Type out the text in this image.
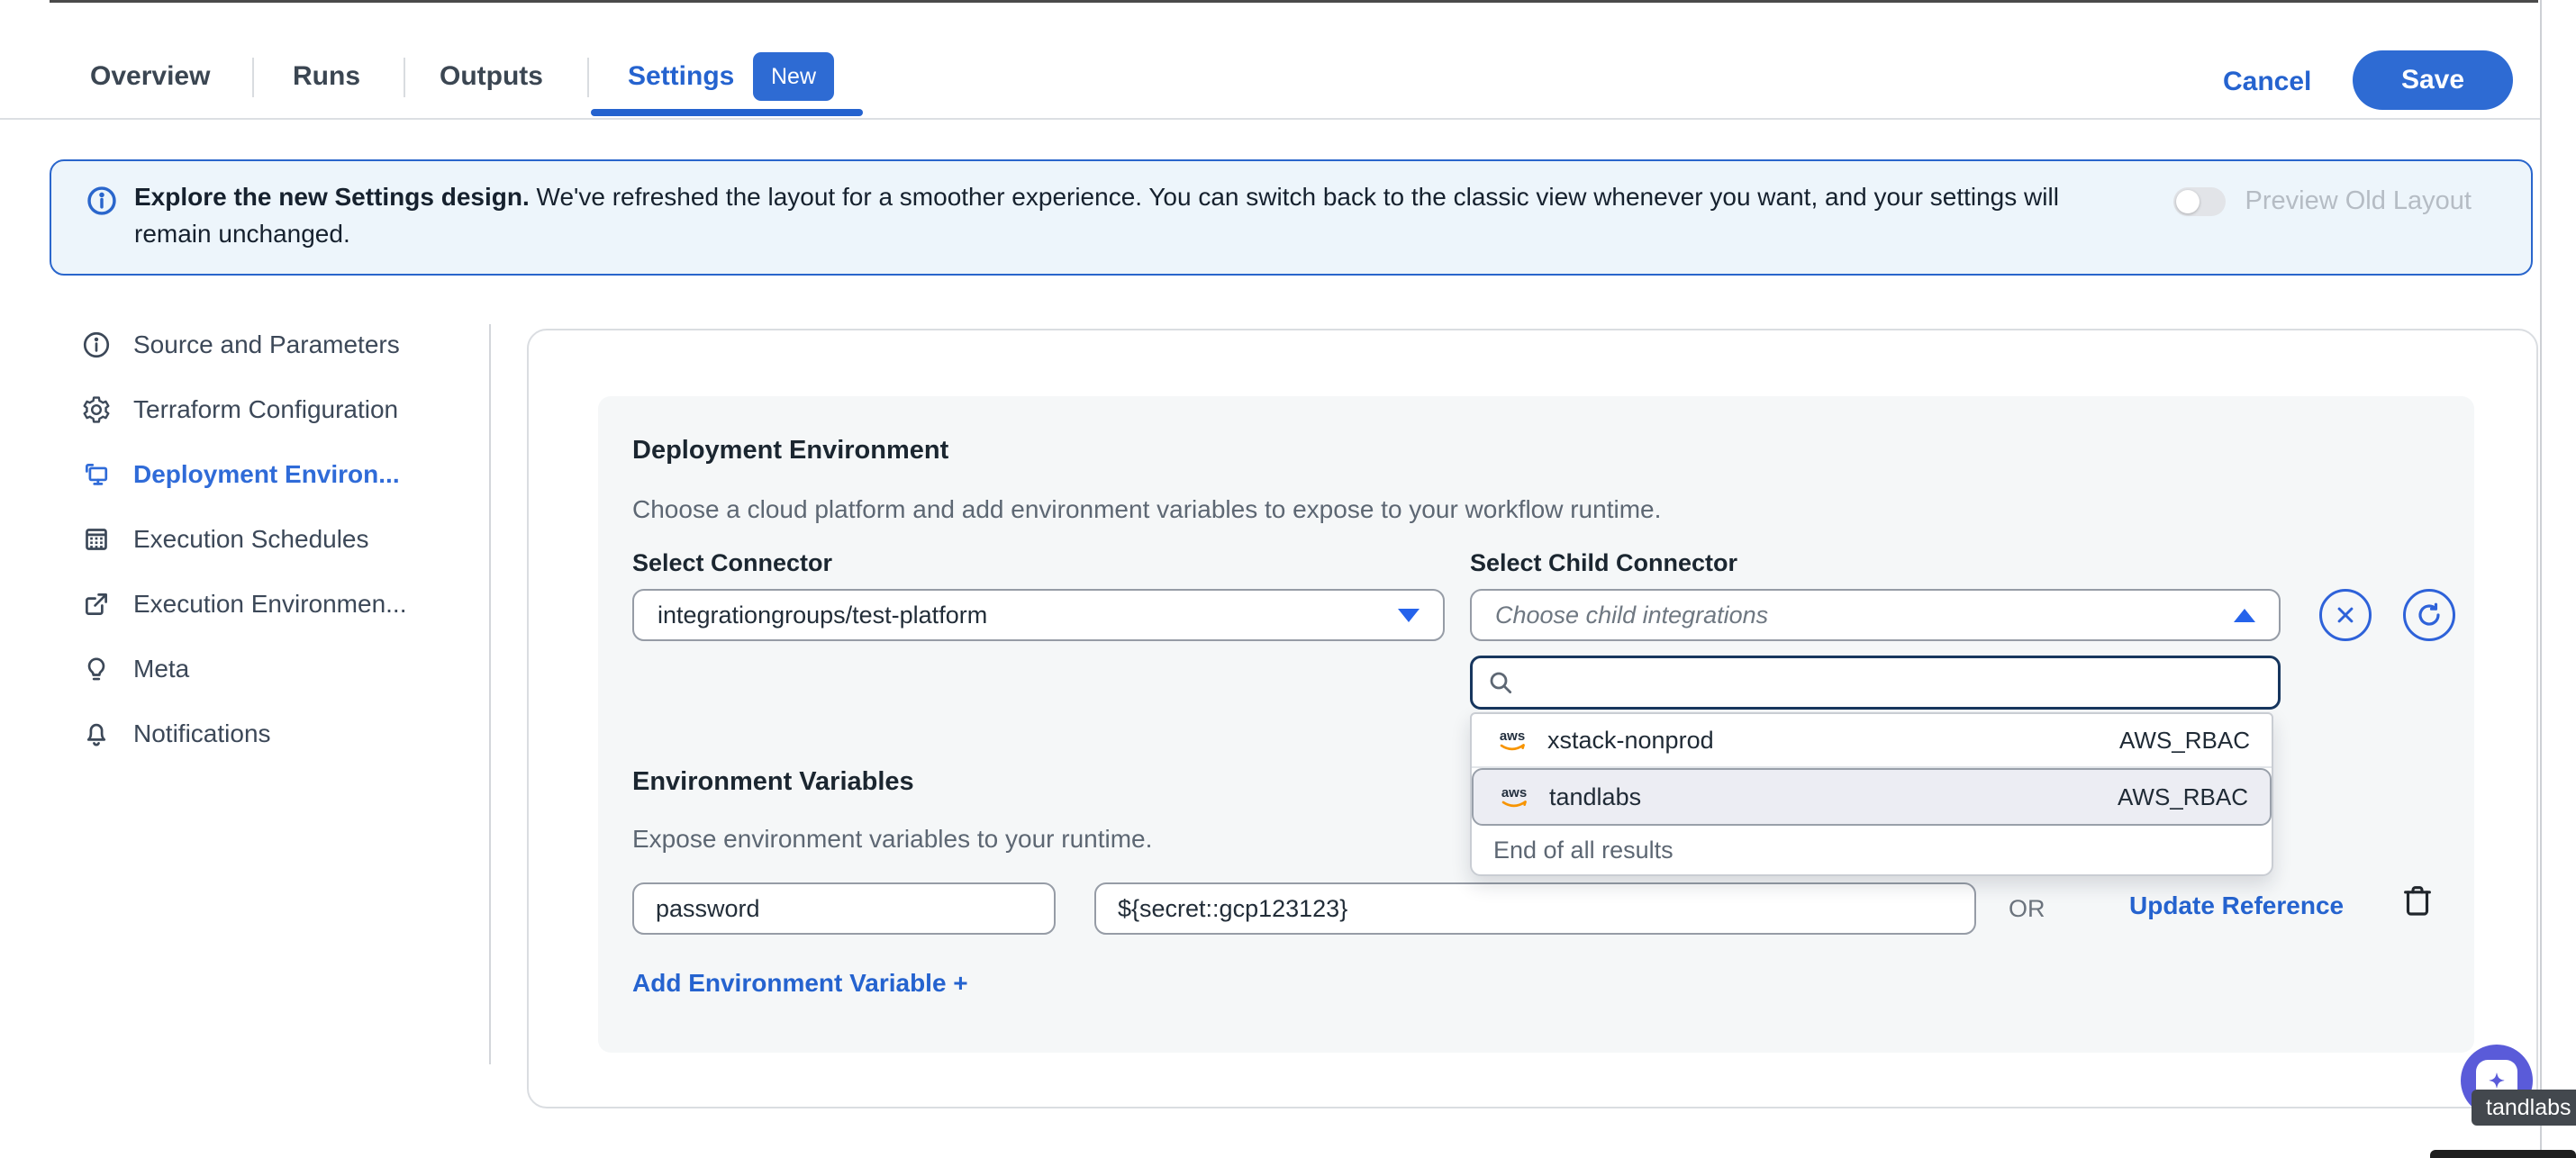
Overview	Runs	Outputs	Settings	New	Cancel	Save
Explore the new Settings design. We've refreshed the layout for a smoother experience. You can switch back to the classic view whenever you want, and your settings will
remain unchanged.
Preview Old Layout
Source and Parameters
Terraform Configuration
Deployment Environ...
Execution Schedules
Execution Environmen...
Meta
Notifications
Deployment Environment
Choose a cloud platform and add environment variables to expose to your workflow runtime.
Select Connector	Select Child Connector
integrationgroups/test-platform	Choose child integrations
aws xstack-nonprod	AWS_RBAC
aws tandlabs	AWS_RBAC
End of all results
Environment Variables
Expose environment variables to your runtime.
password
${secret::gcp123123}
OR	Update Reference
Add Environment Variable +
tandlabs
